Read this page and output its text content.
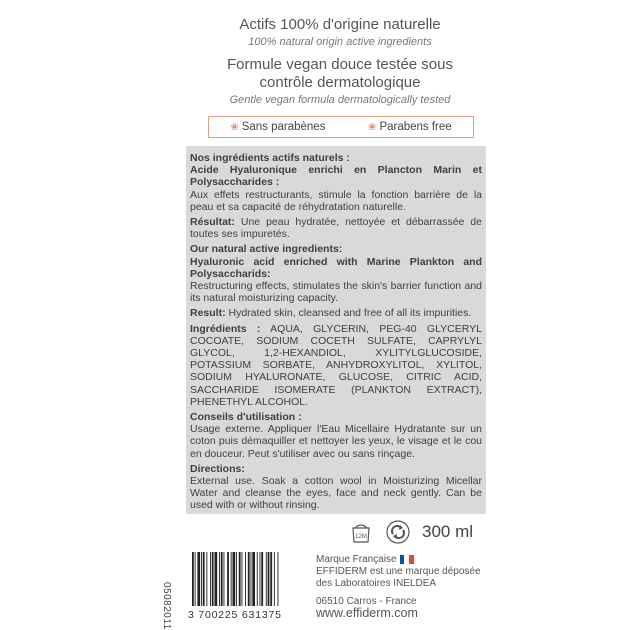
Actifs 100% d'origine naturelle
100% natural origin active ingredients
Formule vegan douce testée sous
contrôle dermatologique
Gentle vegan formula dermatologically tested
❀ Sans parabènes	❀ Parabens free

Nos ingrédients actifs naturels :

Acide Hyaluronique enrichi en Plancton Marin et Polysaccharides :

Aux effets restructurants, stimule la fonction barrière de la peau et sa capacité de réhydratation naturelle.

Résultat: Une peau hydratée, nettoyée et débarrassée de toutes ses impuretés.

Our natural active ingredients:

Hyaluronic acid enriched with Marine Plankton and Polysaccharids:

Restructuring effects, stimulates the skin's barrier function and its natural moisturizing capacity.

Result: Hydrated skin, cleansed and free of all its impurities.

Ingrédients : AQUA, GLYCERIN, PEG-40 GLYCERYL COCOATE, SODIUM COCETH SULFATE, CAPRYLYL GLYCOL, 1,2-HEXANDIOL, XYLITYLGLUCOSIDE, POTASSIUM SORBATE, ANHYDROXYLITOL, XYLITOL, SODIUM HYALURONATE, GLUCOSE, CITRIC ACID, SACCHARIDE ISOMERATE (PLANKTON EXTRACT), PHENETHYL ALCOHOL.

Conseils d'utilisation :

Usage externe. Appliquer l'Eau Micellaire Hydratante sur un coton puis démaquiller et nettoyer les yeux, le visage et le cou en douceur. Peut s'utiliser avec ou sans rinçage.

Directions:

External use. Soak a cotton wool in Moisturizing Micellar Water and cleanse the eyes, face and neck gently. Can be used with or without rinsing.

12M	300 ml
05082011 3 700225 631375
Marque Française
EFFIDERM est une marque déposée
des Laboratoires INELDEA
06510 Carros - France
www.effiderm.com
